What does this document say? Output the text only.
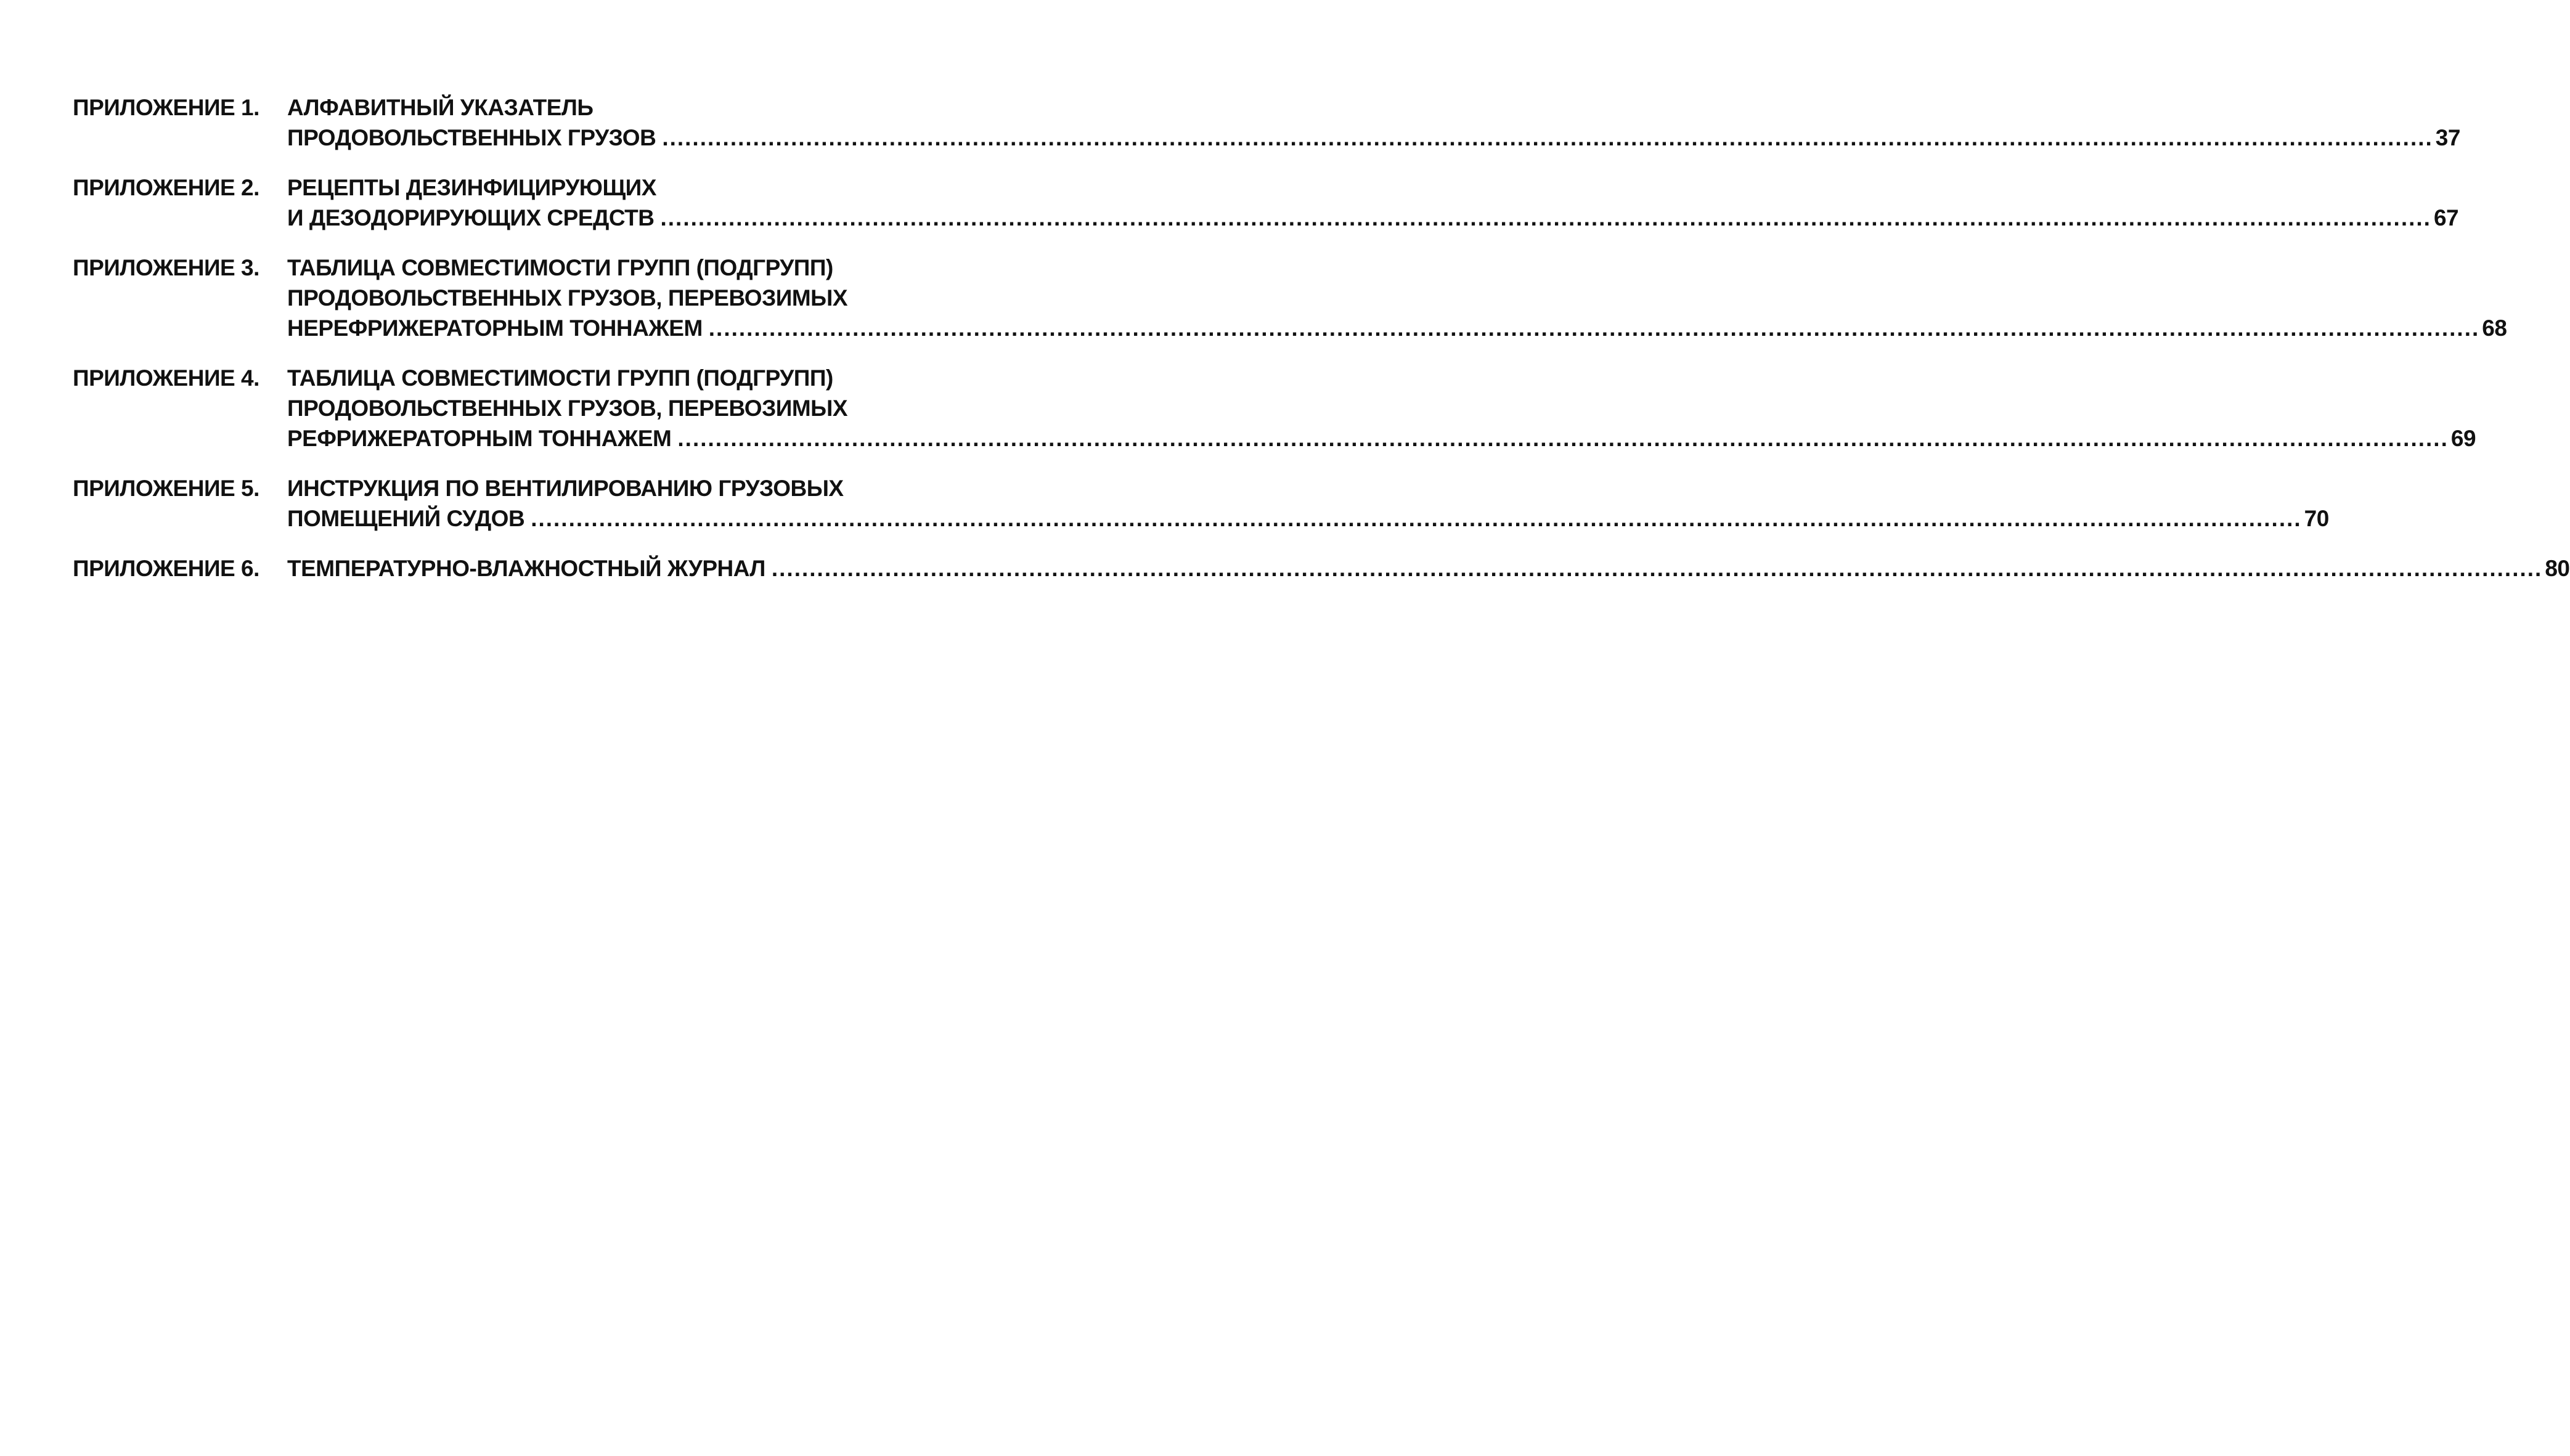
ПРИЛОЖЕНИЕ 1.	АЛФАВИТНЫЙ УКАЗАТЕЛЬ
ПРОДОВОЛЬСТВЕННЫХ ГРУЗОВ .....	37
ПРИЛОЖЕНИЕ 2.	РЕЦЕПТЫ ДЕЗИНФИЦИРУЮЩИХ
И ДЕЗОДОРИРУЮЩИХ СРЕДСТВ .....	67
ПРИЛОЖЕНИЕ 3.	ТАБЛИЦА СОВМЕСТИМОСТИ ГРУПП (ПОДГРУПП)
ПРОДОВОЛЬСТВЕННЫХ ГРУЗОВ, ПЕРЕВОЗИМЫХ
НЕРЕФРИЖЕРАТОРНЫМ ТОННАЖЕМ .....	68
ПРИЛОЖЕНИЕ 4.	ТАБЛИЦА СОВМЕСТИМОСТИ ГРУПП (ПОДГРУПП)
ПРОДОВОЛЬСТВЕННЫХ ГРУЗОВ, ПЕРЕВОЗИМЫХ
РЕФРИЖЕРАТОРНЫМ ТОННАЖЕМ .....	69
ПРИЛОЖЕНИЕ 5.	ИНСТРУКЦИЯ ПО ВЕНТИЛИРОВАНИЮ ГРУЗОВЫХ
ПОМЕЩЕНИЙ СУДОВ .....	70
ПРИЛОЖЕНИЕ 6.	ТЕМПЕРАТУРНО-ВЛАЖНОСТНЫЙ ЖУРНАЛ .....	80
